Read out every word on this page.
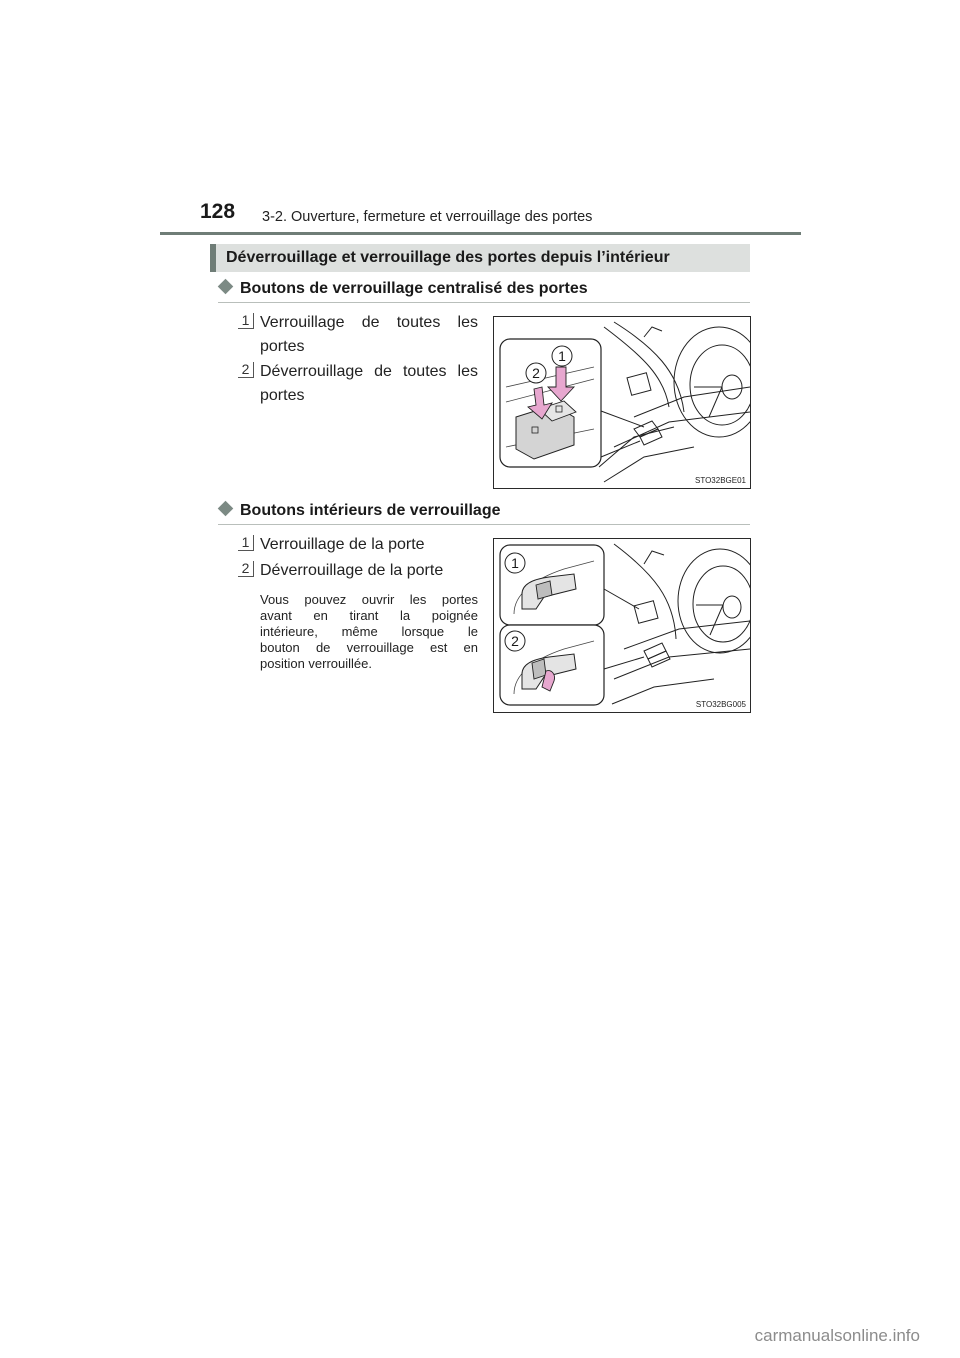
128 3-2. Ouverture, fermeture et verrouillage des portes
Déverrouillage et verrouillage des portes depuis l’intérieur
Boutons de verrouillage centralisé des portes
1 Verrouillage de toutes les
portes
2 Déverrouillage de toutes les
portes
1
2
STO32BGE01
Boutons intérieurs de verrouillage
1 Verrouillage de la porte
2 Déverrouillage de la porte
Vous pouvez ouvrir les portes
avant en tirant la poignée
intérieure, même lorsque le
bouton de verrouillage est en
position verrouillée.
1
2
STO32BG005
carmanualsonline.info
